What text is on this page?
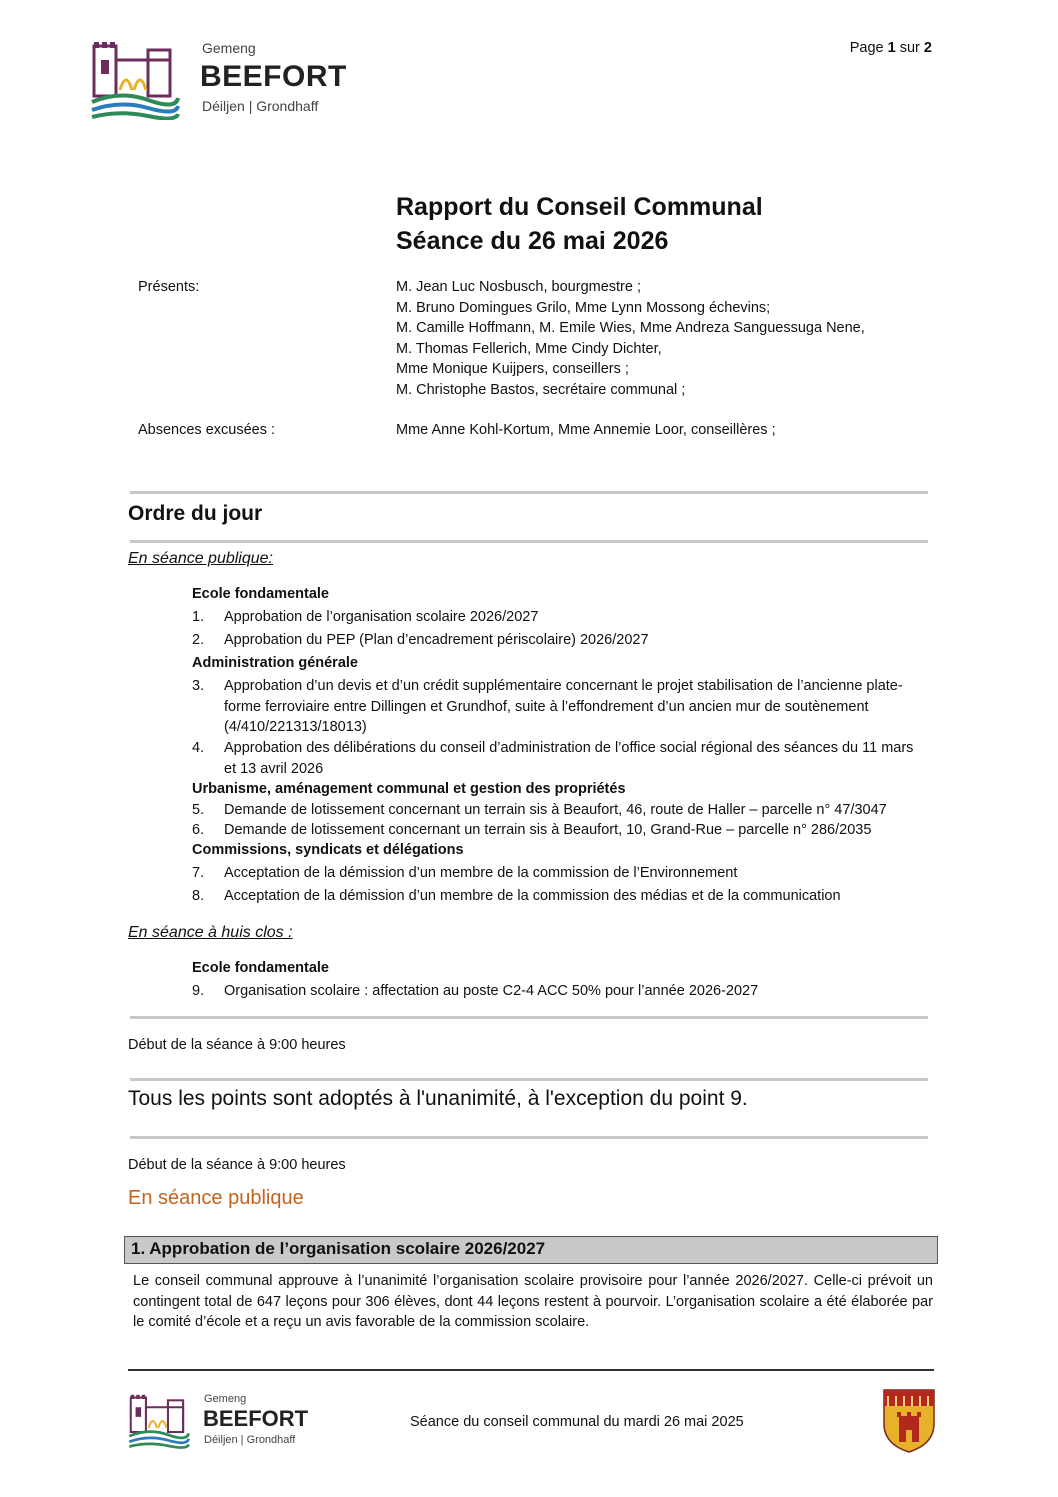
Gemeng
BEEFORT
Déiljen | Grondhaff
Page 1 sur 2
Rapport du Conseil Communal
Séance du 26 mai 2026
Présents:	M. Jean Luc Nosbusch, bourgmestre ;
M. Bruno Domingues Grilo, Mme Lynn Mossong échevins;
M. Camille Hoffmann, M. Emile Wies, Mme Andreza Sanguessuga Nene,
M. Thomas Fellerich, Mme Cindy Dichter,
Mme Monique Kuijpers, conseillers ;
M. Christophe Bastos, secrétaire communal ;
Absences excusées :	Mme Anne Kohl-Kortum, Mme Annemie Loor, conseillères ;
Ordre du jour
En séance publique:
Ecole fondamentale
1.	Approbation de l’organisation scolaire 2026/2027
2.	Approbation du PEP (Plan d’encadrement périscolaire) 2026/2027
Administration générale
3.	Approbation d’un devis et d’un crédit supplémentaire concernant le projet stabilisation de l’ancienne plate-forme ferroviaire entre Dillingen et Grundhof, suite à l’effondrement d’un ancien mur de soutènement (4/410/221313/18013)
4.	Approbation des délibérations du conseil d’administration de l’office social régional des séances du 11 mars et 13 avril 2026
Urbanisme, aménagement communal et gestion des propriétés
5.	Demande de lotissement concernant un terrain sis à Beaufort, 46, route de Haller – parcelle n° 47/3047
6.	Demande de lotissement concernant un terrain sis à Beaufort, 10, Grand-Rue – parcelle n° 286/2035
Commissions, syndicats et délégations
7.	Acceptation de la démission d’un membre de la commission de l’Environnement
8.	Acceptation de la démission d’un membre de la commission des médias et de la communication
En séance à huis clos :
Ecole fondamentale
9.	Organisation scolaire : affectation au poste C2-4 ACC 50% pour l’année 2026-2027
Début de la séance à 9:00 heures
Tous les points sont adoptés à l'unanimité, à l'exception du point 9.
Début de la séance à 9:00 heures
En séance publique
1. Approbation de l’organisation scolaire 2026/2027
Le conseil communal approuve à l’unanimité l’organisation scolaire provisoire pour l’année 2026/2027. Celle-ci prévoit un contingent total de 647 leçons pour 306 élèves, dont 44 leçons restent à pourvoir. L’organisation scolaire a été élaborée par le comité d’école et a reçu un avis favorable de la commission scolaire.
Gemeng
BEEFORT
Déiljen | Grondhaff
Séance du conseil communal du mardi 26 mai 2025
